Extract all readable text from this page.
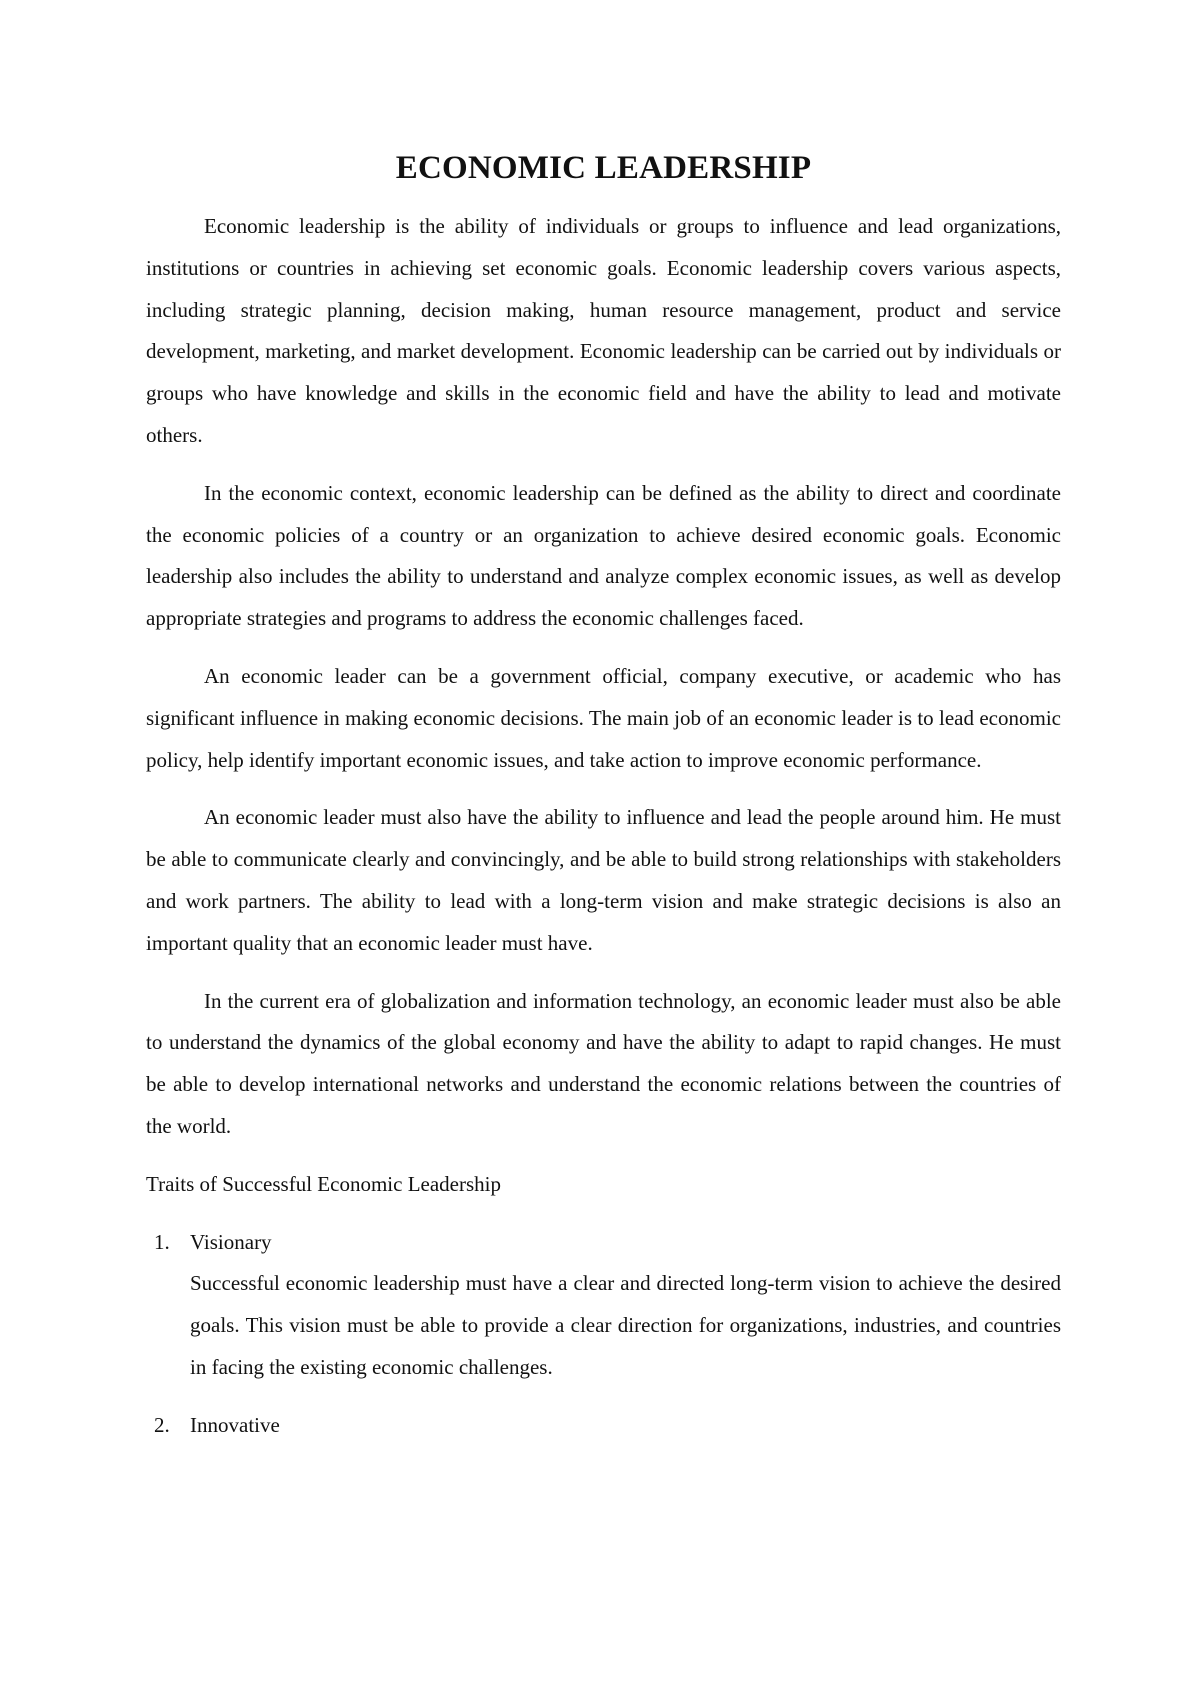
ECONOMIC LEADERSHIP

Economic leadership is the ability of individuals or groups to influence and lead organizations, institutions or countries in achieving set economic goals. Economic leadership covers various aspects, including strategic planning, decision making, human resource management, product and service development, marketing, and market development. Economic leadership can be carried out by individuals or groups who have knowledge and skills in the economic field and have the ability to lead and motivate others.

In the economic context, economic leadership can be defined as the ability to direct and coordinate the economic policies of a country or an organization to achieve desired economic goals. Economic leadership also includes the ability to understand and analyze complex economic issues, as well as develop appropriate strategies and programs to address the economic challenges faced.

An economic leader can be a government official, company executive, or academic who has significant influence in making economic decisions. The main job of an economic leader is to lead economic policy, help identify important economic issues, and take action to improve economic performance.

An economic leader must also have the ability to influence and lead the people around him. He must be able to communicate clearly and convincingly, and be able to build strong relationships with stakeholders and work partners. The ability to lead with a long-term vision and make strategic decisions is also an important quality that an economic leader must have.

In the current era of globalization and information technology, an economic leader must also be able to understand the dynamics of the global economy and have the ability to adapt to rapid changes. He must be able to develop international networks and understand the economic relations between the countries of the world.

Traits of Successful Economic Leadership

1. Visionary
Successful economic leadership must have a clear and directed long-term vision to achieve the desired goals. This vision must be able to provide a clear direction for organizations, industries, and countries in facing the existing economic challenges.
2. Innovative
